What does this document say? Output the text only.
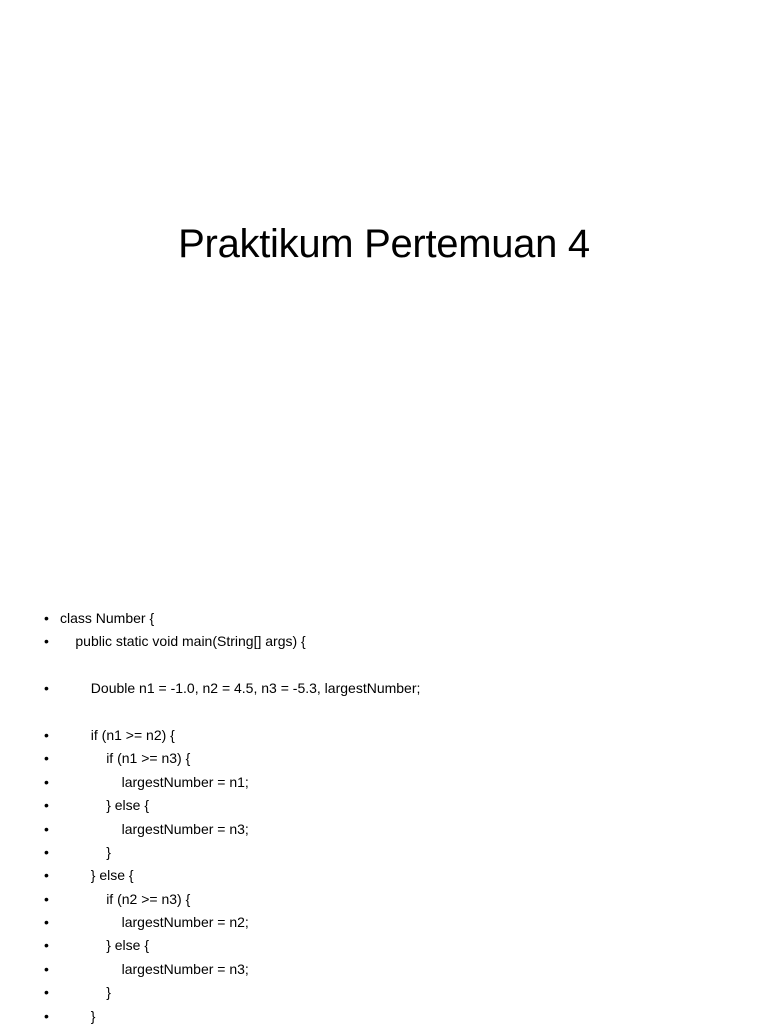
Praktikum Pertemuan 4
• class Number {
•	public static void main(String[] args) {
•	Double n1 = -1.0, n2 = 4.5, n3 = -5.3, largestNumber;
•	if (n1 >= n2) {
•	if (n1 >= n3) {
•	largestNumber = n1;
•	} else {
•	largestNumber = n3;
•	}
•	} else {
•	if (n2 >= n3) {
•	largestNumber = n2;
•	} else {
•	largestNumber = n3;
•	}
•	}
